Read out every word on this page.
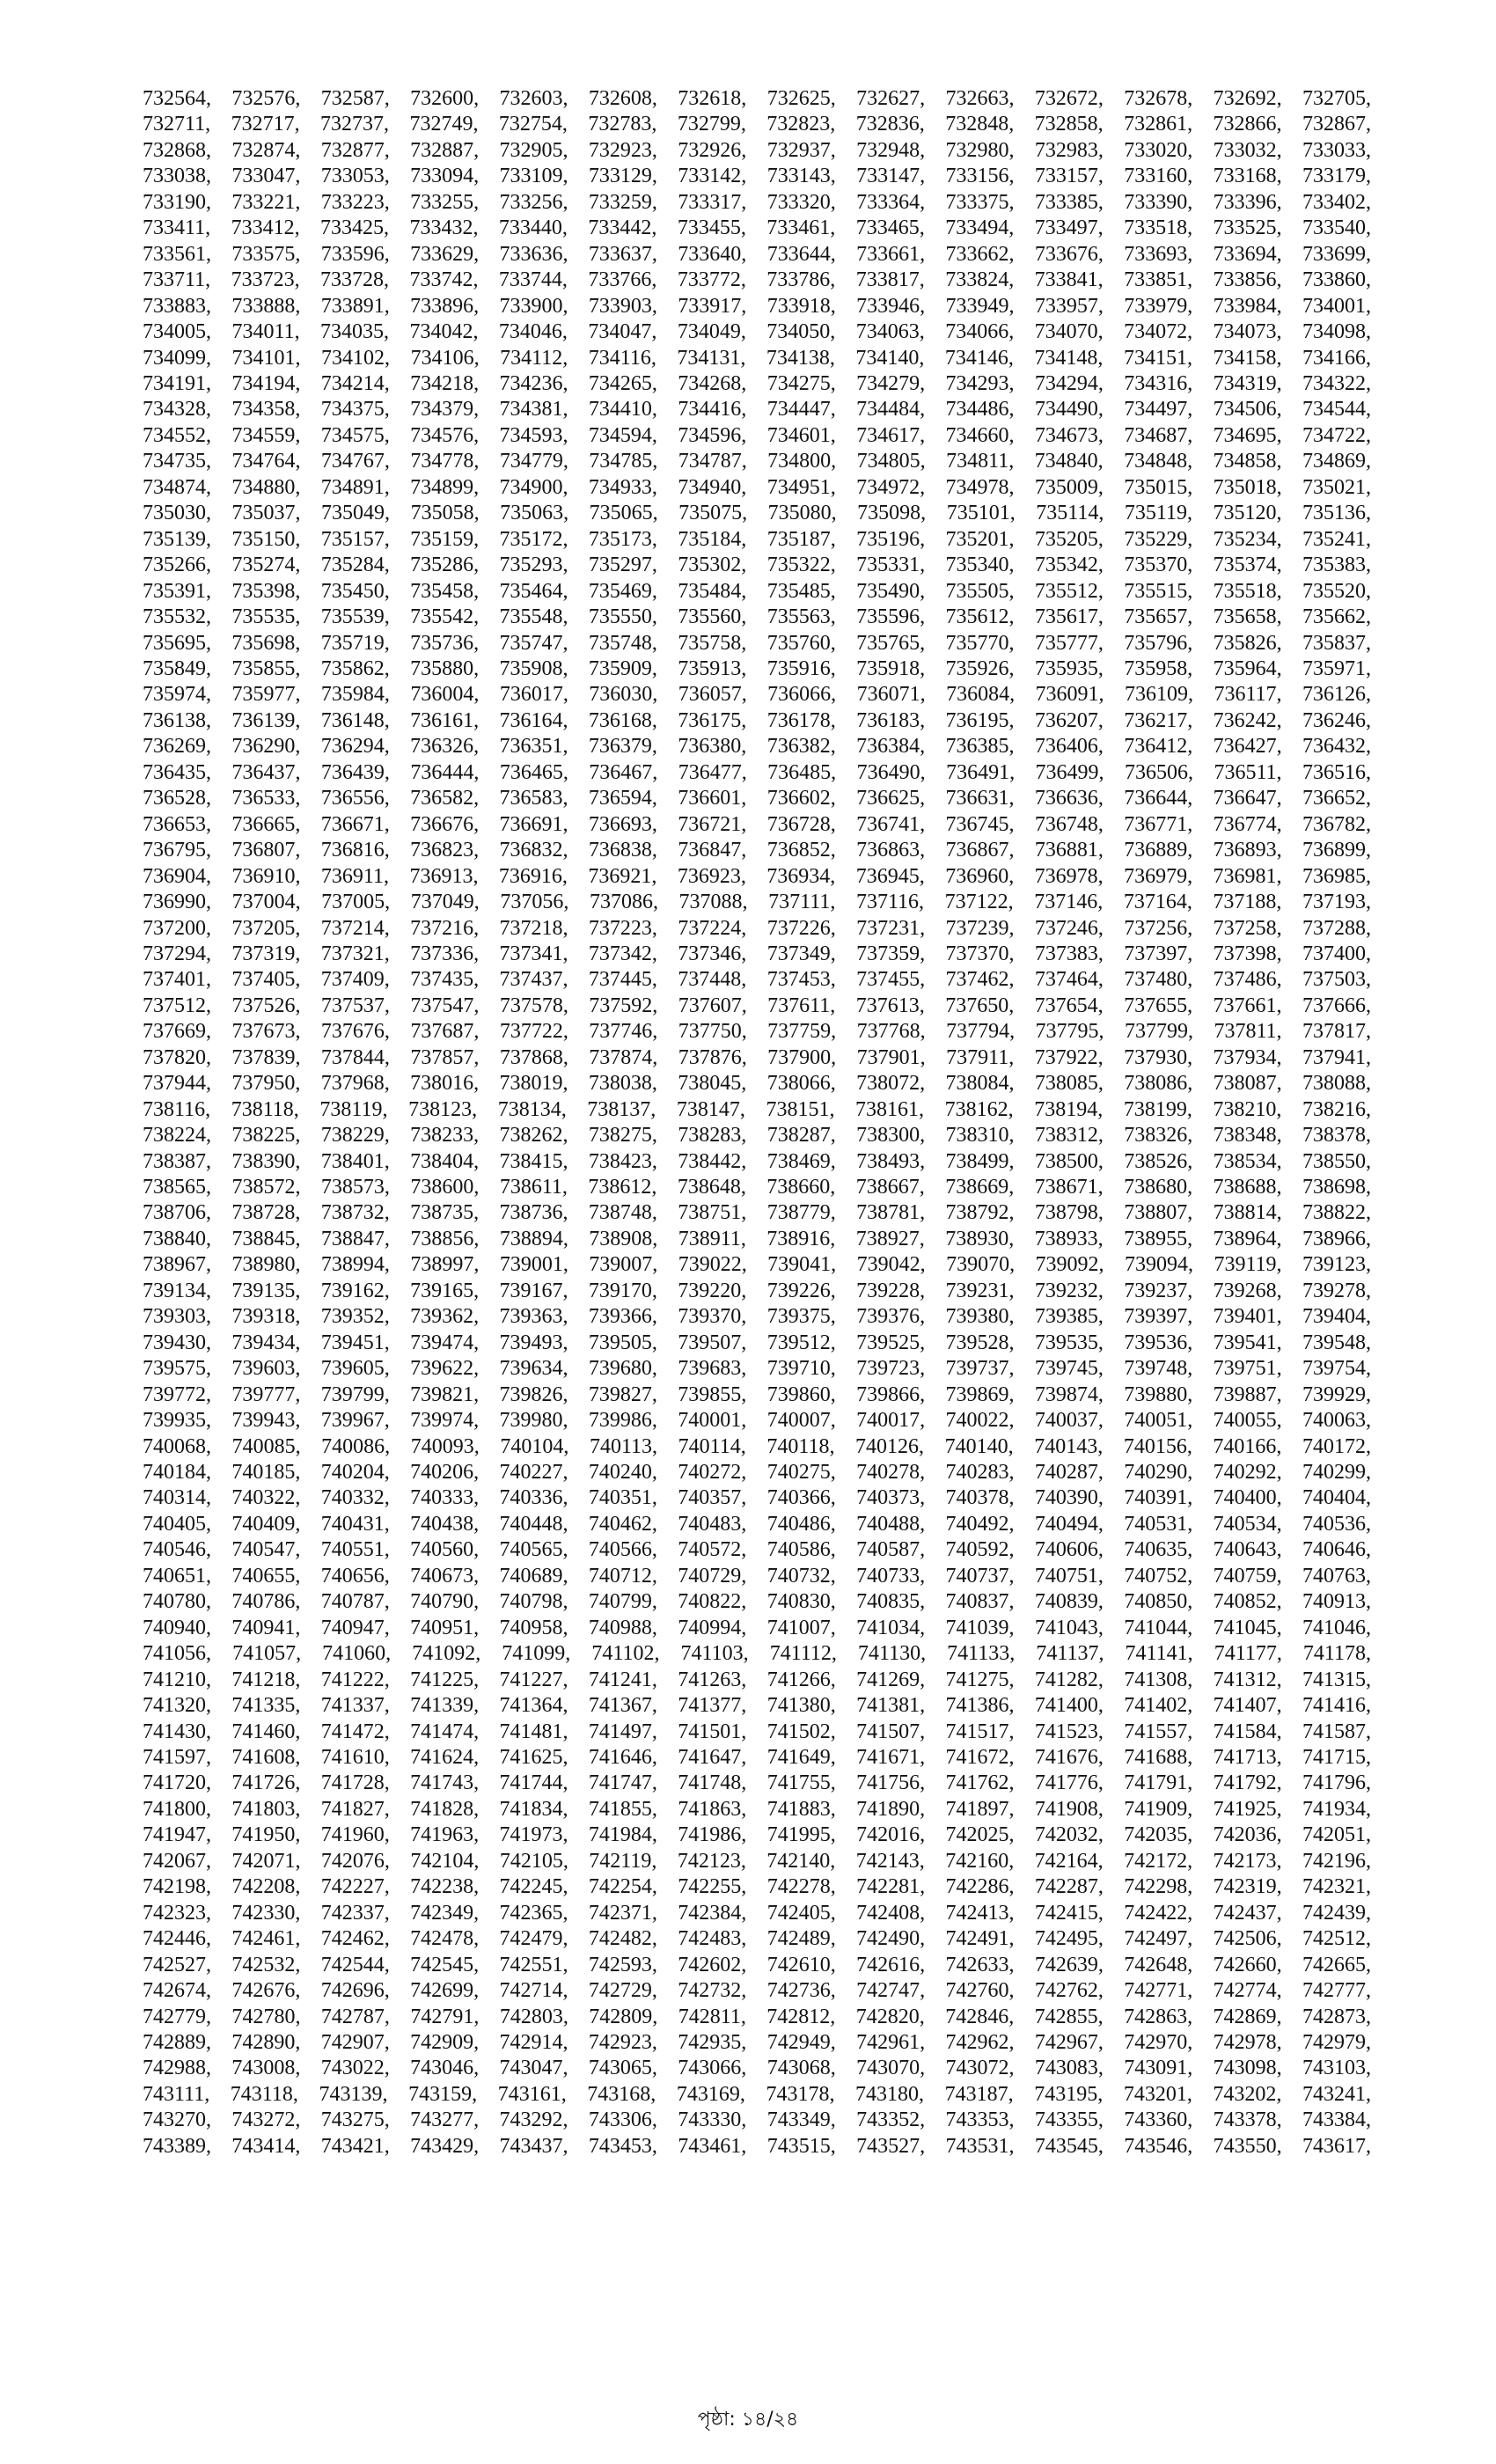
732564, 732576, 732587, 732600, 732603, 732608, 732618, 732625, 732627, 732663, 732672, 732678, 732692, 732705,
732711, 732717, 732737, 732749, 732754, 732783, 732799, 732823, 732836, 732848, 732858, 732861, 732866, 732867,
732868, 732874, 732877, 732887, 732905, 732923, 732926, 732937, 732948, 732980, 732983, 733020, 733032, 733033,
733038, 733047, 733053, 733094, 733109, 733129, 733142, 733143, 733147, 733156, 733157, 733160, 733168, 733179,
733190, 733221, 733223, 733255, 733256, 733259, 733317, 733320, 733364, 733375, 733385, 733390, 733396, 733402,
733411, 733412, 733425, 733432, 733440, 733442, 733455, 733461, 733465, 733494, 733497, 733518, 733525, 733540,
733561, 733575, 733596, 733629, 733636, 733637, 733640, 733644, 733661, 733662, 733676, 733693, 733694, 733699,
733711, 733723, 733728, 733742, 733744, 733766, 733772, 733786, 733817, 733824, 733841, 733851, 733856, 733860,
733883, 733888, 733891, 733896, 733900, 733903, 733917, 733918, 733946, 733949, 733957, 733979, 733984, 734001,
734005, 734011, 734035, 734042, 734046, 734047, 734049, 734050, 734063, 734066, 734070, 734072, 734073, 734098,
734099, 734101, 734102, 734106, 734112, 734116, 734131, 734138, 734140, 734146, 734148, 734151, 734158, 734166,
734191, 734194, 734214, 734218, 734236, 734265, 734268, 734275, 734279, 734293, 734294, 734316, 734319, 734322,
734328, 734358, 734375, 734379, 734381, 734410, 734416, 734447, 734484, 734486, 734490, 734497, 734506, 734544,
734552, 734559, 734575, 734576, 734593, 734594, 734596, 734601, 734617, 734660, 734673, 734687, 734695, 734722,
734735, 734764, 734767, 734778, 734779, 734785, 734787, 734800, 734805, 734811, 734840, 734848, 734858, 734869,
734874, 734880, 734891, 734899, 734900, 734933, 734940, 734951, 734972, 734978, 735009, 735015, 735018, 735021,
735030, 735037, 735049, 735058, 735063, 735065, 735075, 735080, 735098, 735101, 735114, 735119, 735120, 735136,
735139, 735150, 735157, 735159, 735172, 735173, 735184, 735187, 735196, 735201, 735205, 735229, 735234, 735241,
735266, 735274, 735284, 735286, 735293, 735297, 735302, 735322, 735331, 735340, 735342, 735370, 735374, 735383,
735391, 735398, 735450, 735458, 735464, 735469, 735484, 735485, 735490, 735505, 735512, 735515, 735518, 735520,
735532, 735535, 735539, 735542, 735548, 735550, 735560, 735563, 735596, 735612, 735617, 735657, 735658, 735662,
735695, 735698, 735719, 735736, 735747, 735748, 735758, 735760, 735765, 735770, 735777, 735796, 735826, 735837,
735849, 735855, 735862, 735880, 735908, 735909, 735913, 735916, 735918, 735926, 735935, 735958, 735964, 735971,
735974, 735977, 735984, 736004, 736017, 736030, 736057, 736066, 736071, 736084, 736091, 736109, 736117, 736126,
736138, 736139, 736148, 736161, 736164, 736168, 736175, 736178, 736183, 736195, 736207, 736217, 736242, 736246,
736269, 736290, 736294, 736326, 736351, 736379, 736380, 736382, 736384, 736385, 736406, 736412, 736427, 736432,
736435, 736437, 736439, 736444, 736465, 736467, 736477, 736485, 736490, 736491, 736499, 736506, 736511, 736516,
736528, 736533, 736556, 736582, 736583, 736594, 736601, 736602, 736625, 736631, 736636, 736644, 736647, 736652,
736653, 736665, 736671, 736676, 736691, 736693, 736721, 736728, 736741, 736745, 736748, 736771, 736774, 736782,
736795, 736807, 736816, 736823, 736832, 736838, 736847, 736852, 736863, 736867, 736881, 736889, 736893, 736899,
736904, 736910, 736911, 736913, 736916, 736921, 736923, 736934, 736945, 736960, 736978, 736979, 736981, 736985,
736990, 737004, 737005, 737049, 737056, 737086, 737088, 737111, 737116, 737122, 737146, 737164, 737188, 737193,
737200, 737205, 737214, 737216, 737218, 737223, 737224, 737226, 737231, 737239, 737246, 737256, 737258, 737288,
737294, 737319, 737321, 737336, 737341, 737342, 737346, 737349, 737359, 737370, 737383, 737397, 737398, 737400,
737401, 737405, 737409, 737435, 737437, 737445, 737448, 737453, 737455, 737462, 737464, 737480, 737486, 737503,
737512, 737526, 737537, 737547, 737578, 737592, 737607, 737611, 737613, 737650, 737654, 737655, 737661, 737666,
737669, 737673, 737676, 737687, 737722, 737746, 737750, 737759, 737768, 737794, 737795, 737799, 737811, 737817,
737820, 737839, 737844, 737857, 737868, 737874, 737876, 737900, 737901, 737911, 737922, 737930, 737934, 737941,
737944, 737950, 737968, 738016, 738019, 738038, 738045, 738066, 738072, 738084, 738085, 738086, 738087, 738088,
738116, 738118, 738119, 738123, 738134, 738137, 738147, 738151, 738161, 738162, 738194, 738199, 738210, 738216,
738224, 738225, 738229, 738233, 738262, 738275, 738283, 738287, 738300, 738310, 738312, 738326, 738348, 738378,
738387, 738390, 738401, 738404, 738415, 738423, 738442, 738469, 738493, 738499, 738500, 738526, 738534, 738550,
738565, 738572, 738573, 738600, 738611, 738612, 738648, 738660, 738667, 738669, 738671, 738680, 738688, 738698,
738706, 738728, 738732, 738735, 738736, 738748, 738751, 738779, 738781, 738792, 738798, 738807, 738814, 738822,
738840, 738845, 738847, 738856, 738894, 738908, 738911, 738916, 738927, 738930, 738933, 738955, 738964, 738966,
738967, 738980, 738994, 738997, 739001, 739007, 739022, 739041, 739042, 739070, 739092, 739094, 739119, 739123,
739134, 739135, 739162, 739165, 739167, 739170, 739220, 739226, 739228, 739231, 739232, 739237, 739268, 739278,
739303, 739318, 739352, 739362, 739363, 739366, 739370, 739375, 739376, 739380, 739385, 739397, 739401, 739404,
739430, 739434, 739451, 739474, 739493, 739505, 739507, 739512, 739525, 739528, 739535, 739536, 739541, 739548,
739575, 739603, 739605, 739622, 739634, 739680, 739683, 739710, 739723, 739737, 739745, 739748, 739751, 739754,
739772, 739777, 739799, 739821, 739826, 739827, 739855, 739860, 739866, 739869, 739874, 739880, 739887, 739929,
739935, 739943, 739967, 739974, 739980, 739986, 740001, 740007, 740017, 740022, 740037, 740051, 740055, 740063,
740068, 740085, 740086, 740093, 740104, 740113, 740114, 740118, 740126, 740140, 740143, 740156, 740166, 740172,
740184, 740185, 740204, 740206, 740227, 740240, 740272, 740275, 740278, 740283, 740287, 740290, 740292, 740299,
740314, 740322, 740332, 740333, 740336, 740351, 740357, 740366, 740373, 740378, 740390, 740391, 740400, 740404,
740405, 740409, 740431, 740438, 740448, 740462, 740483, 740486, 740488, 740492, 740494, 740531, 740534, 740536,
740546, 740547, 740551, 740560, 740565, 740566, 740572, 740586, 740587, 740592, 740606, 740635, 740643, 740646,
740651, 740655, 740656, 740673, 740689, 740712, 740729, 740732, 740733, 740737, 740751, 740752, 740759, 740763,
740780, 740786, 740787, 740790, 740798, 740799, 740822, 740830, 740835, 740837, 740839, 740850, 740852, 740913,
740940, 740941, 740947, 740951, 740958, 740988, 740994, 741007, 741034, 741039, 741043, 741044, 741045, 741046,
741056, 741057, 741060, 741092, 741099, 741102, 741103, 741112, 741130, 741133, 741137, 741141, 741177, 741178,
741210, 741218, 741222, 741225, 741227, 741241, 741263, 741266, 741269, 741275, 741282, 741308, 741312, 741315,
741320, 741335, 741337, 741339, 741364, 741367, 741377, 741380, 741381, 741386, 741400, 741402, 741407, 741416,
741430, 741460, 741472, 741474, 741481, 741497, 741501, 741502, 741507, 741517, 741523, 741557, 741584, 741587,
741597, 741608, 741610, 741624, 741625, 741646, 741647, 741649, 741671, 741672, 741676, 741688, 741713, 741715,
741720, 741726, 741728, 741743, 741744, 741747, 741748, 741755, 741756, 741762, 741776, 741791, 741792, 741796,
741800, 741803, 741827, 741828, 741834, 741855, 741863, 741883, 741890, 741897, 741908, 741909, 741925, 741934,
741947, 741950, 741960, 741963, 741973, 741984, 741986, 741995, 742016, 742025, 742032, 742035, 742036, 742051,
742067, 742071, 742076, 742104, 742105, 742119, 742123, 742140, 742143, 742160, 742164, 742172, 742173, 742196,
742198, 742208, 742227, 742238, 742245, 742254, 742255, 742278, 742281, 742286, 742287, 742298, 742319, 742321,
742323, 742330, 742337, 742349, 742365, 742371, 742384, 742405, 742408, 742413, 742415, 742422, 742437, 742439,
742446, 742461, 742462, 742478, 742479, 742482, 742483, 742489, 742490, 742491, 742495, 742497, 742506, 742512,
742527, 742532, 742544, 742545, 742551, 742593, 742602, 742610, 742616, 742633, 742639, 742648, 742660, 742665,
742674, 742676, 742696, 742699, 742714, 742729, 742732, 742736, 742747, 742760, 742762, 742771, 742774, 742777,
742779, 742780, 742787, 742791, 742803, 742809, 742811, 742812, 742820, 742846, 742855, 742863, 742869, 742873,
742889, 742890, 742907, 742909, 742914, 742923, 742935, 742949, 742961, 742962, 742967, 742970, 742978, 742979,
742988, 743008, 743022, 743046, 743047, 743065, 743066, 743068, 743070, 743072, 743083, 743091, 743098, 743103,
743111, 743118, 743139, 743159, 743161, 743168, 743169, 743178, 743180, 743187, 743195, 743201, 743202, 743241,
743270, 743272, 743275, 743277, 743292, 743306, 743330, 743349, 743352, 743353, 743355, 743360, 743378, 743384,
743389, 743414, 743421, 743429, 743437, 743453, 743461, 743515, 743527, 743531, 743545, 743546, 743550, 743617,
পৃষ্ঠা: ১৪/২৪
